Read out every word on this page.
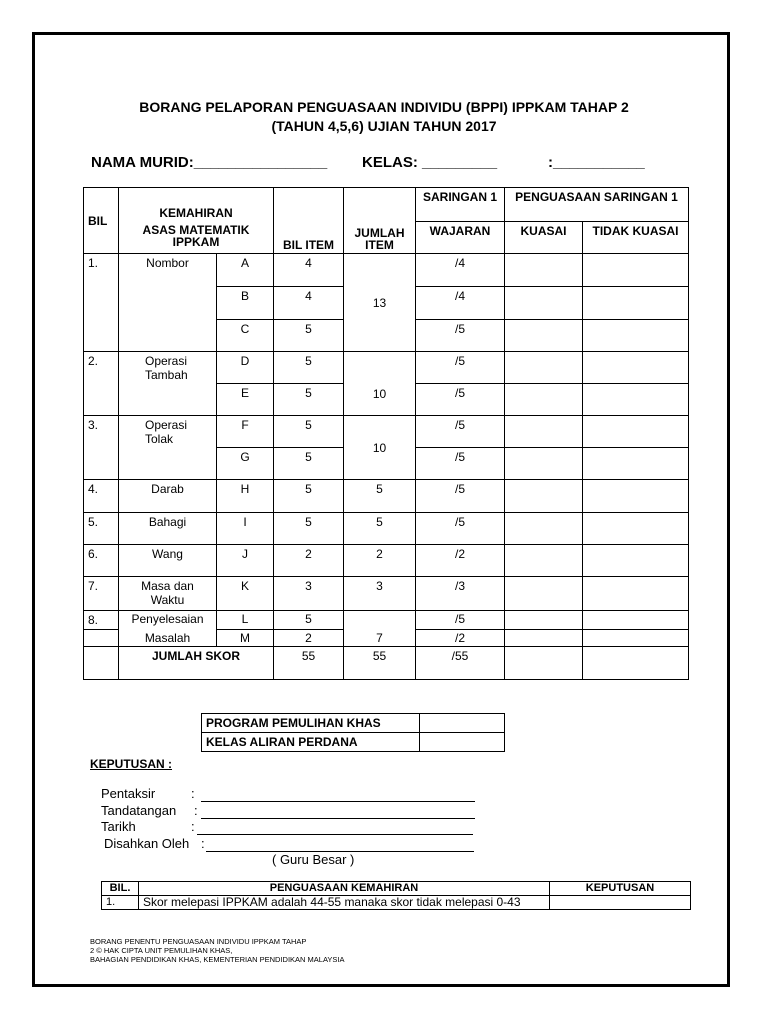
BORANG PELAPORAN PENGUASAAN INDIVIDU (BPPI) IPPKAM TAHAP 2
(TAHUN 4,5,6) UJIAN TAHUN 2017
NAMA MURID:________________ KELAS: _________	:___________
BIL	KEMAHIRAN				SARINGAN 1	PENGUASAAN SARINGAN 1	
	ASAS MATEMATIK IPPKAM		BIL ITEM	JUMLAH ITEM	WAJARAN	KUASAI	TIDAK KUASAI
1.	Nombor	A	4	13	/4		
		B	4		/4		
		C	5		/5		
2.	Operasi Tambah	D	5	10	/5		
		E	5		/5		
3.	Operasi Tolak	F	5	10	/5		
		G	5		/5		
4.	Darab	H	5	5	/5		
5.	Bahagi	I	5	5	/5		
6.	Wang	J	2	2	/2		
7.	Masa dan Waktu	K	3	3	/3		
8.	Penyelesaian	L	5		/5		
	Masalah	M	2	7	/2		
	JUMLAH SKOR		55	55	/55		
PROGRAM PEMULIHAN KHAS	
KELAS ALIRAN PERDANA	
KEPUTUSAN :
Pentaksir	:
Tandatangan :
Tarikh	:
Disahkan Oleh :
( Guru Besar )
BIL.	PENGUASAAN KEMAHIRAN	KEPUTUSAN
1.	Skor melepasi IPPKAM adalah 44-55 manaka skor tidak melepasi 0-43	
BORANG PENENTU PENGUASAAN INDIVIDU IPPKAM TAHAP
2 © HAK CIPTA UNIT PEMULIHAN KHAS,
BAHAGIAN PENDIDIKAN KHAS, KEMENTERIAN PENDIDIKAN MALAYSIA
